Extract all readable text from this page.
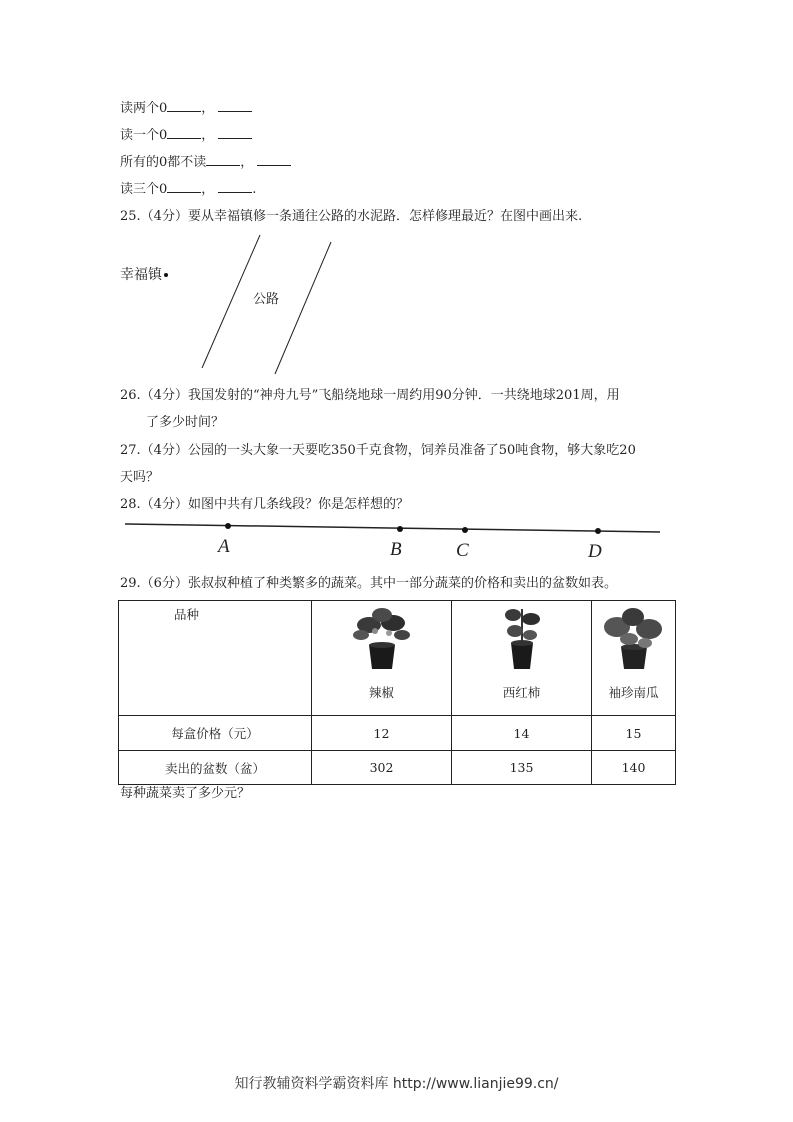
读两个0	，
读一个0	，
所有的0都不读	，
读三个0	，	.
25.（4分）要从幸福镇修一条通往公路的水泥路．怎样修理最近？在图中画出来.
幸福镇
公路
26.（4分）我国发射的“神舟九号”飞船绕地球一周约用90分钟．一共绕地球201周，用
了多少时间？
27.（4分）公园的一头大象一天要吃350千克食物，饲养员准备了50吨食物，够大象吃20
天吗？
28.（4分）如图中共有几条线段？你是怎样想的？
A	B	C	D
29.（6分）张叔叔种植了种类繁多的蔬菜。其中一部分蔬菜的价格和卖出的盆数如表。
品种	辣椒	西红柿	袖珍南瓜

每盒价格（元）	12	14	15
卖出的盆数（盆）	302	135	140
每种蔬菜卖了多少元？
知行教辅资料学霸资料库 http://www.lianjie99.cn/
